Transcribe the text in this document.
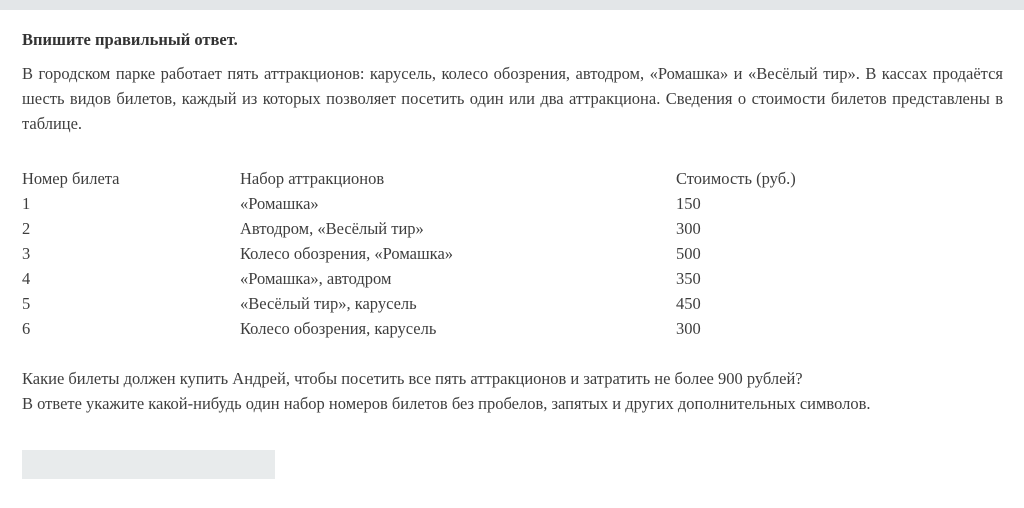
Впишите правильный ответ.
В городском парке работает пять аттракционов: карусель, колесо обозрения, автодром, «Ромашка» и «Весёлый тир». В кассах продаётся шесть видов билетов, каждый из которых позволяет посетить один или два аттракциона. Сведения о стоимости билетов представлены в таблице.
Номер билета	Набор аттракционов	Стоимость (руб.)
1	«Ромашка»	150
2	Автодром, «Весёлый тир»	300
3	Колесо обозрения, «Ромашка»	500
4	«Ромашка», автодром	350
5	«Весёлый тир», карусель	450
6	Колесо обозрения, карусель	300
Какие билеты должен купить Андрей, чтобы посетить все пять аттракционов и затратить не более 900 рублей?
В ответе укажите какой-нибудь один набор номеров билетов без пробелов, запятых и других дополнительных символов.
